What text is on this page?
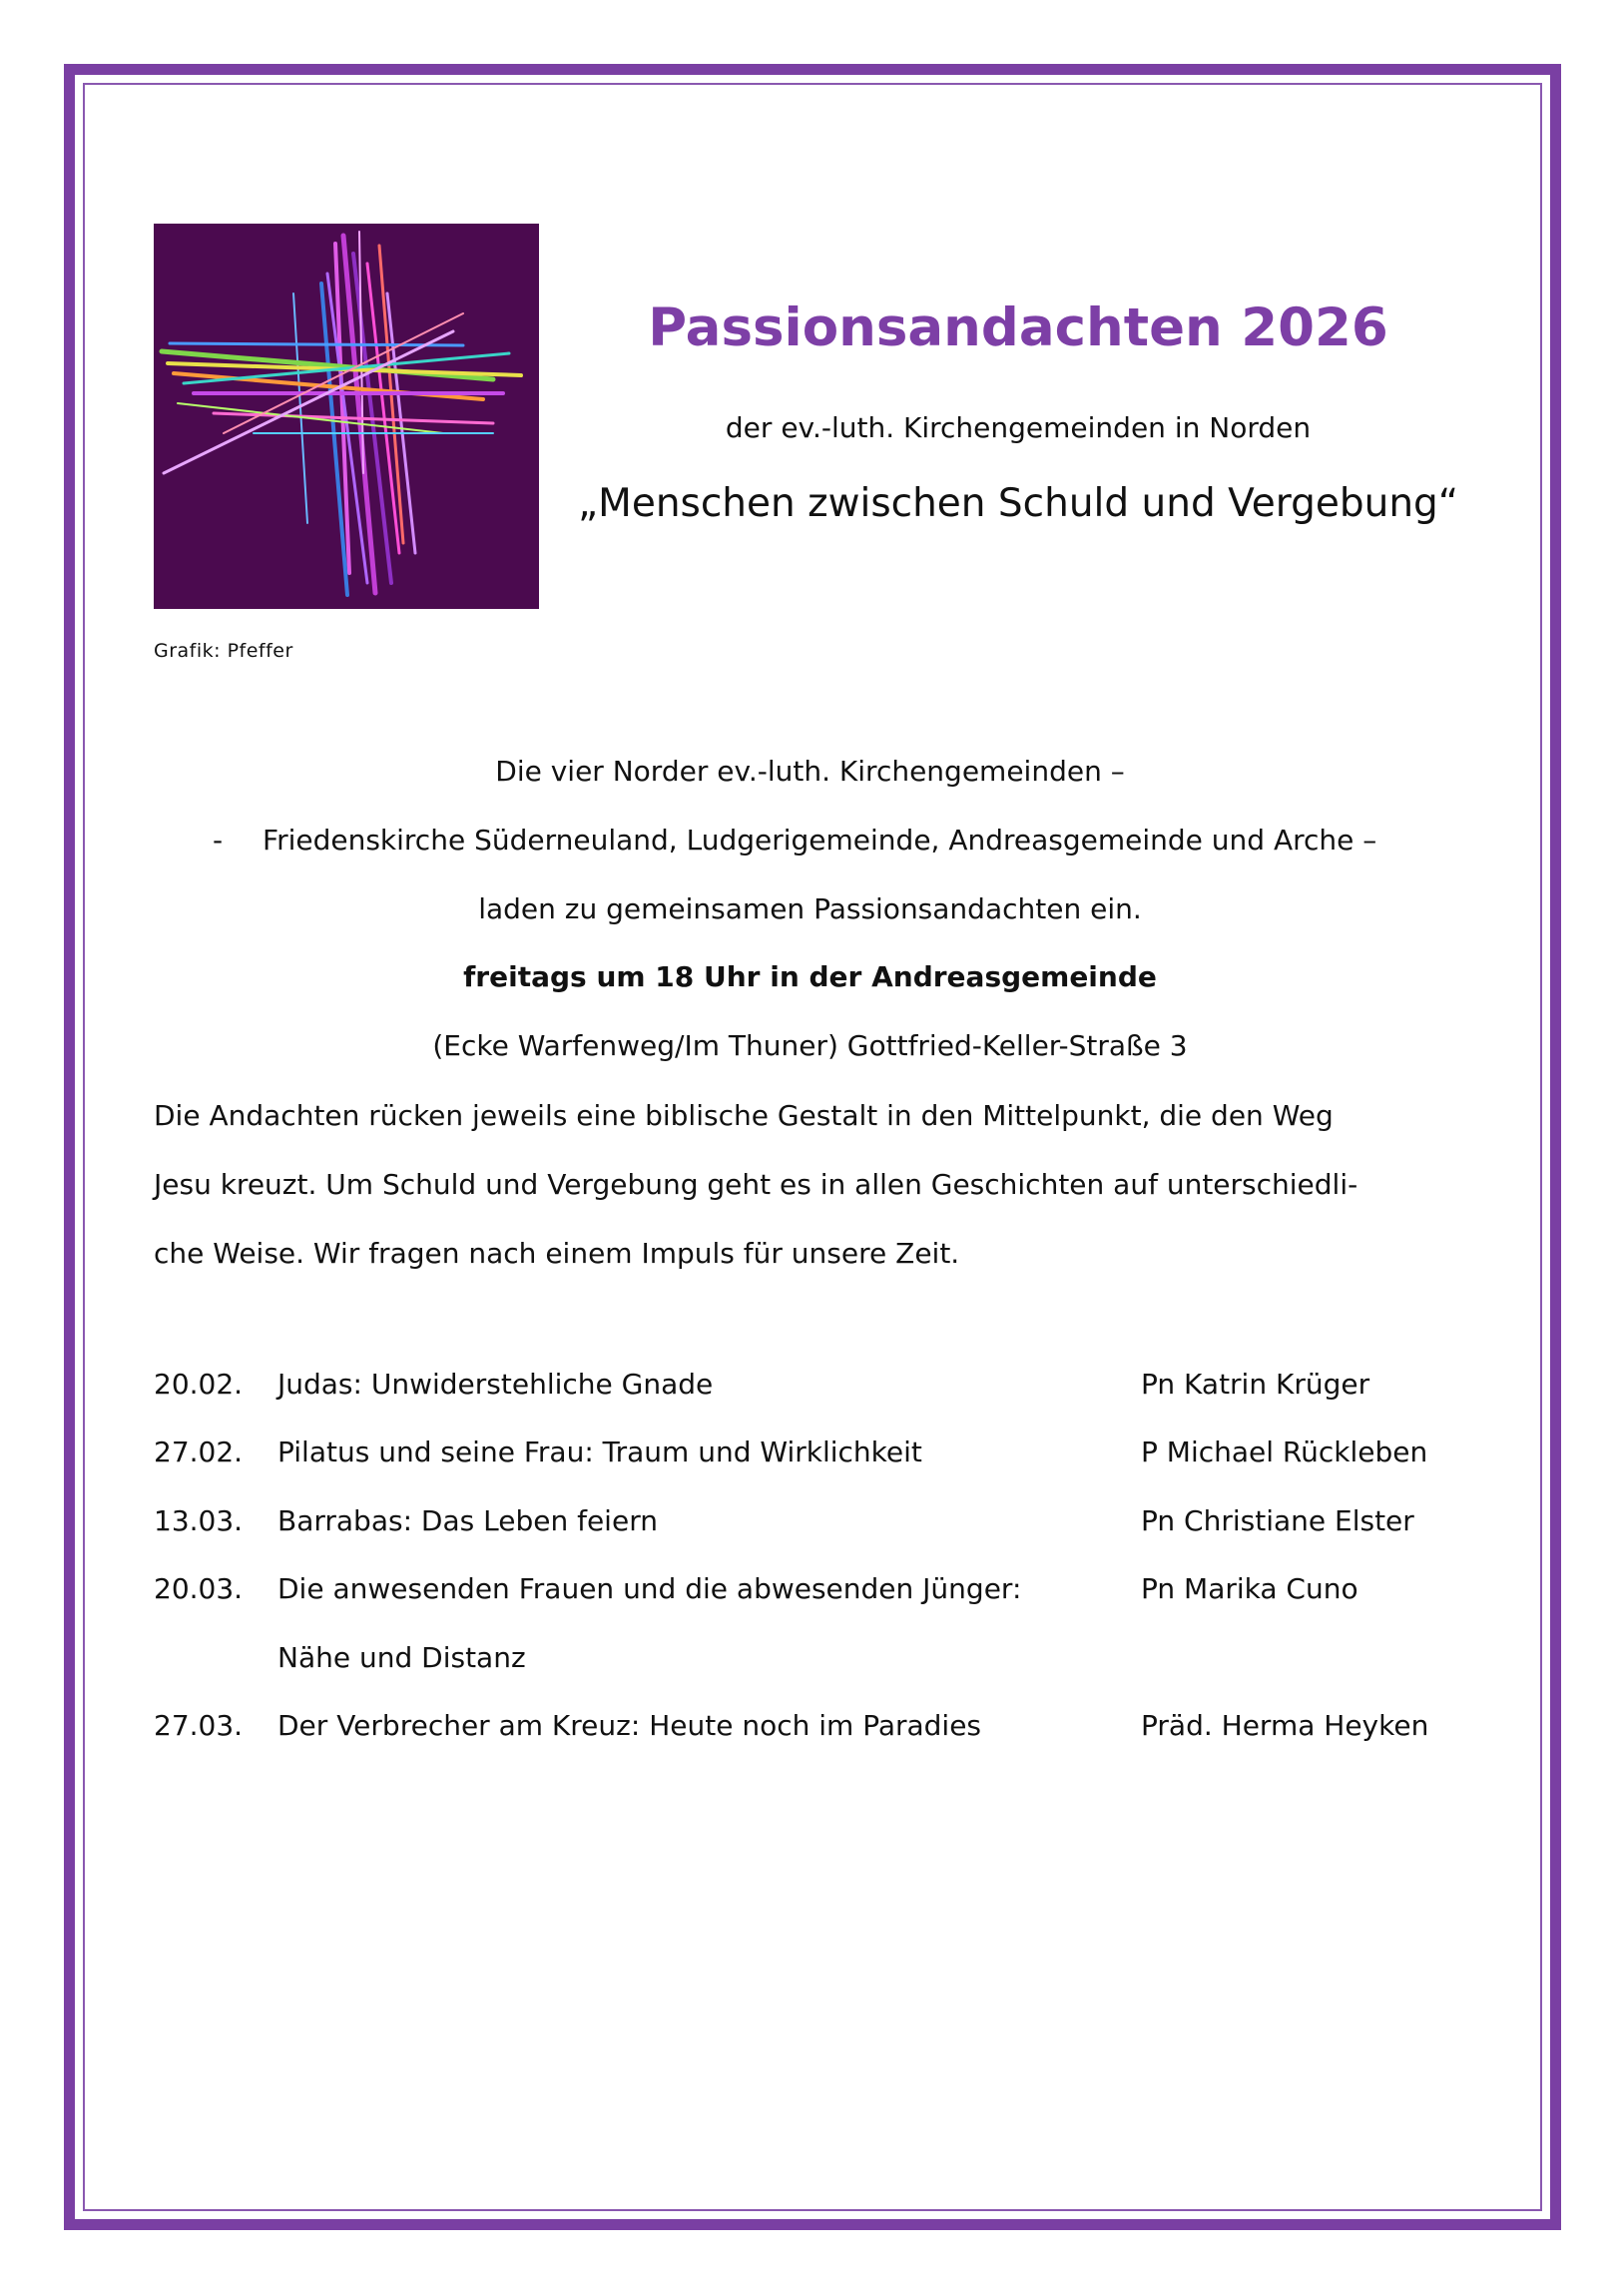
Grafik: Pfeffer
Passionsandachten 2026
der ev.-luth. Kirchengemeinden in Norden
„Menschen zwischen Schuld und Vergebung“
Die vier Norder ev.-luth. Kirchengemeinden –
- Friedenskirche Süderneuland, Ludgerigemeinde, Andreasgemeinde und Arche –
laden zu gemeinsamen Passionsandachten ein.
freitags um 18 Uhr in der Andreasgemeinde
(Ecke Warfenweg/Im Thuner) Gottfried-Keller-Straße 3
Die Andachten rücken jeweils eine biblische Gestalt in den Mittelpunkt, die den Weg
Jesu kreuzt. Um Schuld und Vergebung geht es in allen Geschichten auf unterschiedli-
che Weise. Wir fragen nach einem Impuls für unsere Zeit.
20.02. Judas: Unwiderstehliche Gnade	Pn Katrin Krüger
27.02. Pilatus und seine Frau: Traum und Wirklichkeit	P Michael Rückleben
13.03. Barrabas: Das Leben feiern	Pn Christiane Elster
20.03. Die anwesenden Frauen und die abwesenden Jünger:	Pn Marika Cuno
Nähe und Distanz
27.03. Der Verbrecher am Kreuz: Heute noch im Paradies	Präd. Herma Heyken
